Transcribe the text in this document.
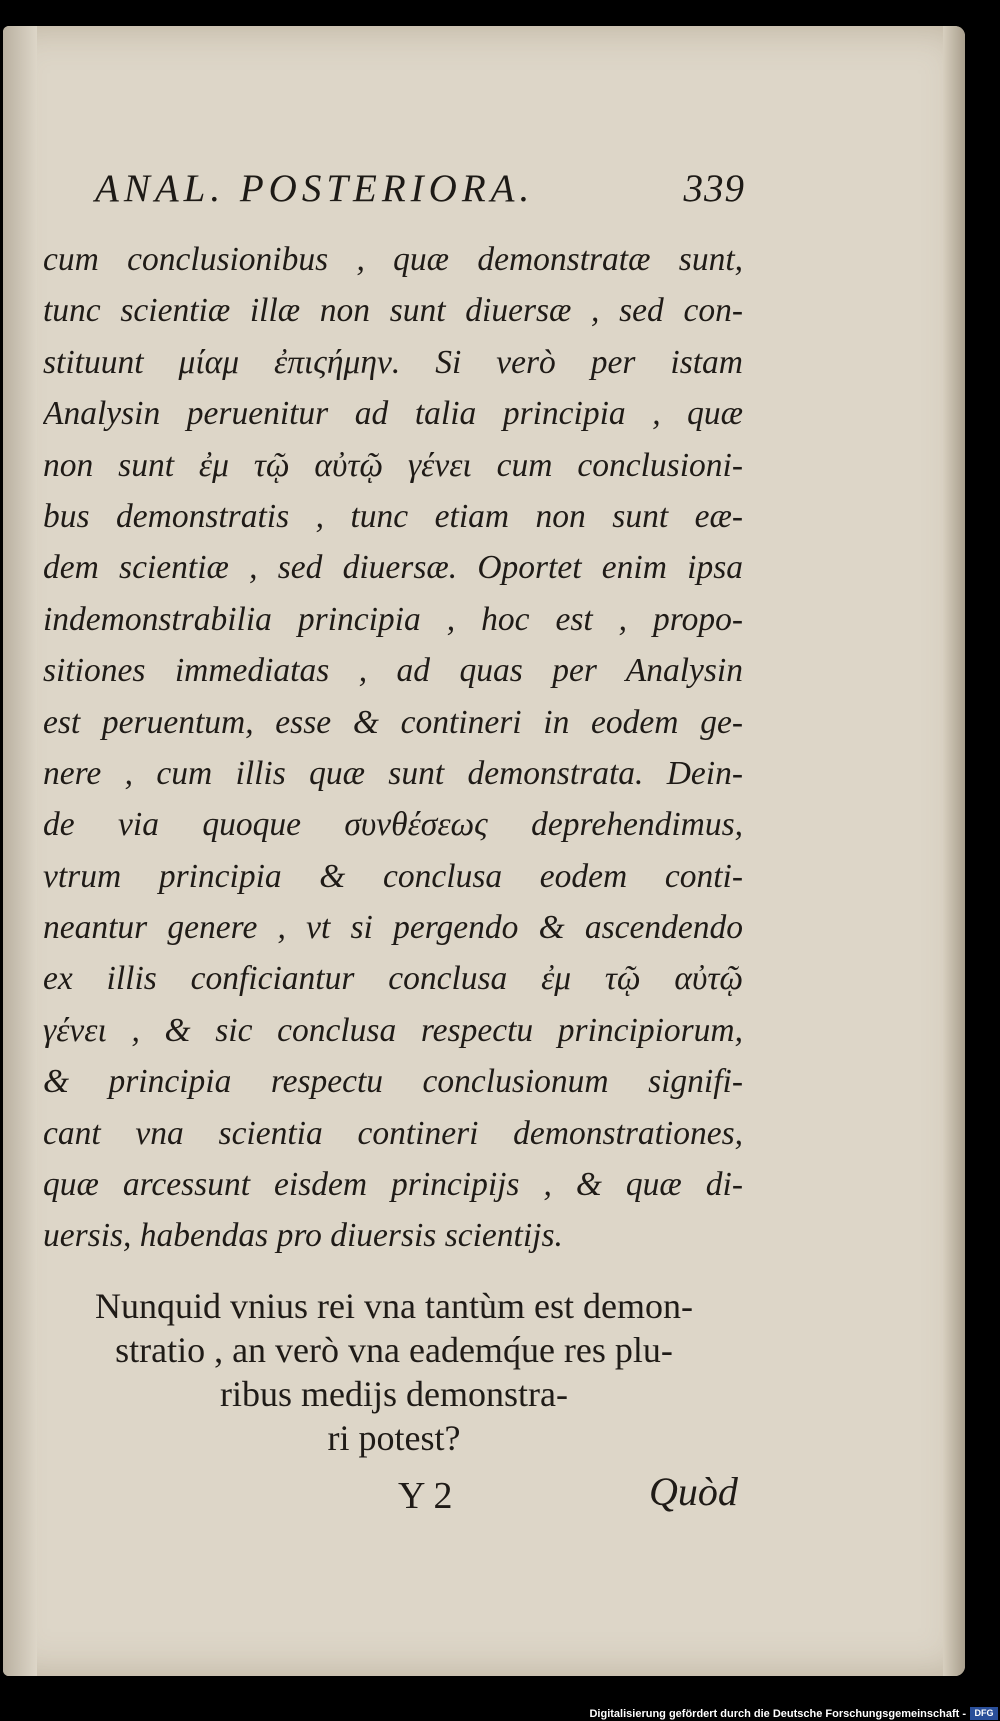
ANAL. POSTERIORA.	339
cum conclusionibus , quæ demonstratæ sunt,
tunc scientiæ illæ non sunt diuersæ , sed con-
stituunt μίαμ ἐπιςήμην. Si verò per istam
Analysin peruenitur ad talia principia , quæ
non sunt ἐμ τῷ αὐτῷ γένει cum conclusioni-
bus demonstratis , tunc etiam non sunt eæ-
dem scientiæ , sed diuersæ. Oportet enim ipsa
indemonstrabilia principia , hoc est , propo-
sitiones immediatas , ad quas per Analysin
est peruentum, esse & contineri in eodem ge-
nere , cum illis quæ sunt demonstrata. Dein-
de via quoque συνθέσεως deprehendimus,
vtrum principia & conclusa eodem conti-
neantur genere , vt si pergendo & ascendendo
ex illis conficiantur conclusa ἐμ τῷ αὐτῷ
γένει , & sic conclusa respectu principiorum,
& principia respectu conclusionum signifi-
cant vna scientia contineri demonstrationes,
quæ arcessunt eisdem principijs , & quæ di-
uersis, habendas pro diuersis scientijs.
Nunquid vnius rei vna tantùm est demon-
stratio , an verò vna eademq́ue res plu-
ribus medijs demonstra-
ri potest?
Y 2	Quòd
Digitalisierung gefördert durch die Deutsche Forschungsgemeinschaft - DFG
